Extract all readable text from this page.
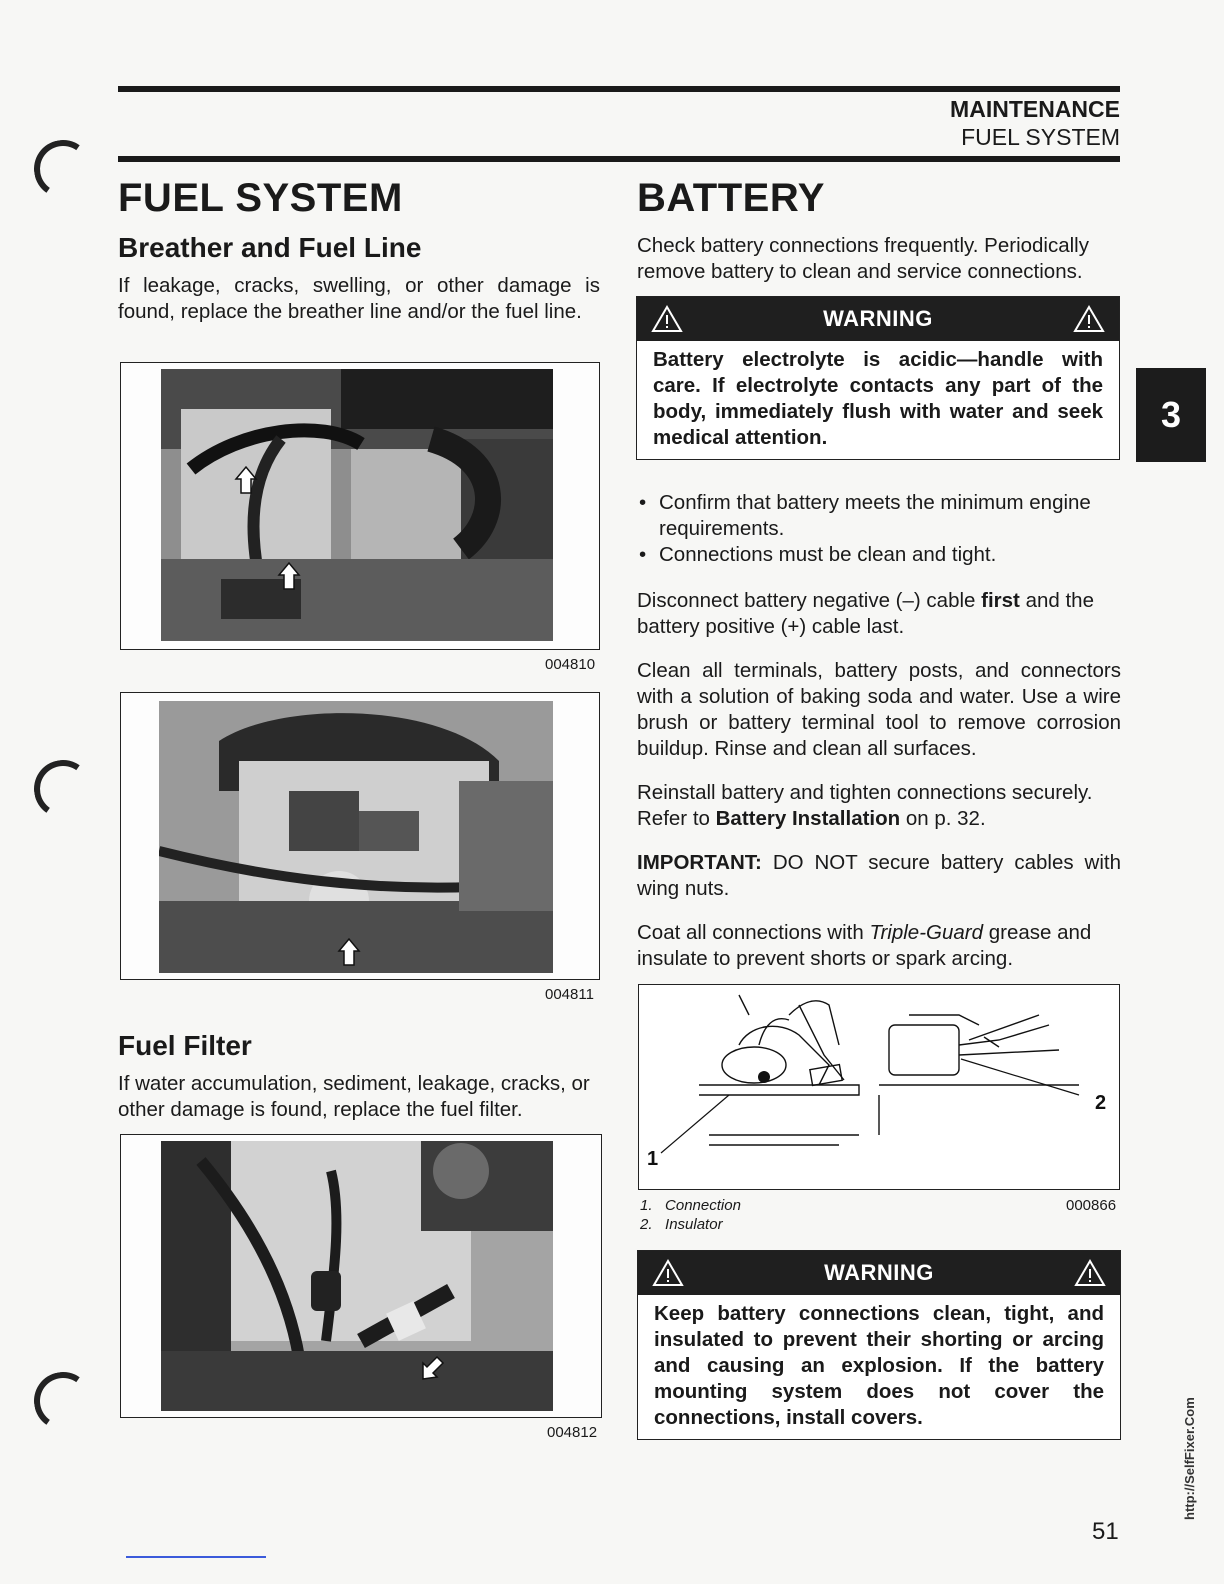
MAINTENANCE
FUEL SYSTEM
FUEL SYSTEM
Breather and Fuel Line

If leakage, cracks, swelling, or other damage is found, replace the breather line and/or the fuel line.

004810
004811
Fuel Filter

If water accumulation, sediment, leakage, cracks, or other damage is found, replace the fuel filter.

004812
BATTERY

Check battery connections frequently. Periodically remove battery to clean and service connections.

WARNING
Battery electrolyte is acidic—handle with care. If electrolyte contacts any part of the body, immediately flush with water and seek medical attention.
• Confirm that battery meets the minimum engine requirements.
• Connections must be clean and tight.

Disconnect battery negative (–) cable first and the battery positive (+) cable last.

Clean all terminals, battery posts, and connectors with a solution of baking soda and water. Use a wire brush or battery terminal tool to remove corrosion buildup. Rinse and clean all surfaces.

Reinstall battery and tighten connections securely. Refer to Battery Installation on p. 32.

IMPORTANT: DO NOT secure battery cables with wing nuts.

Coat all connections with Triple-Guard grease and insulate to prevent shorts or spark arcing.

1
2
1. Connection
2. Insulator
000866
WARNING
Keep battery connections clean, tight, and insulated to prevent their shorting or arcing and causing an explosion. If the battery mounting system does not cover the connections, install covers.
3
http://SelfFixer.Com
51
